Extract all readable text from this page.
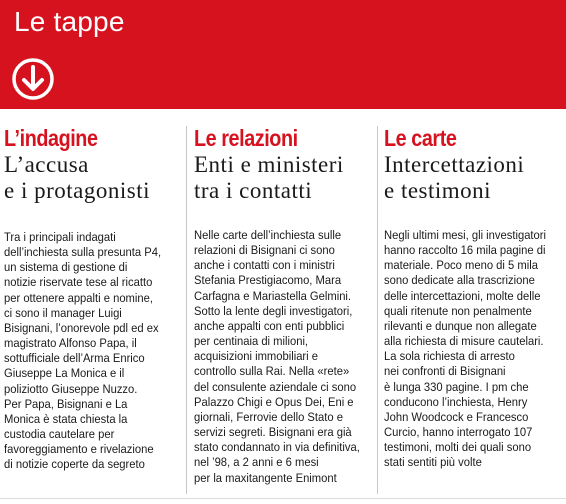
Le tappe
L’indagine
L’accusa
e i protagonisti

Tra i principali indagati
dell’inchiesta sulla presunta P4,
un sistema di gestione di
notizie riservate tese al ricatto
per ottenere appalti e nomine,
ci sono il manager Luigi
Bisignani, l’onorevole pdl ed ex
magistrato Alfonso Papa, il
sottufficiale dell’Arma Enrico
Giuseppe La Monica e il
poliziotto Giuseppe Nuzzo.
Per Papa, Bisignani e La
Monica è stata chiesta la
custodia cautelare per
favoreggiamento e rivelazione
di notizie coperte da segreto

Le relazioni
Enti e ministeri
tra i contatti

Nelle carte dell’inchiesta sulle
relazioni di Bisignani ci sono
anche i contatti con i ministri
Stefania Prestigiacomo, Mara
Carfagna e Mariastella Gelmini.
Sotto la lente degli investigatori,
anche appalti con enti pubblici
per centinaia di milioni,
acquisizioni immobiliari e
controllo sulla Rai. Nella «rete»
del consulente aziendale ci sono
Palazzo Chigi e Opus Dei, Eni e
giornali, Ferrovie dello Stato e
servizi segreti. Bisignani era già
stato condannato in via definitiva,
nel ’98, a 2 anni e 6 mesi
per la maxitangente Enimont

Le carte
Intercettazioni
e testimoni

Negli ultimi mesi, gli investigatori
hanno raccolto 16 mila pagine di
materiale. Poco meno di 5 mila
sono dedicate alla trascrizione
delle intercettazioni, molte delle
quali ritenute non penalmente
rilevanti e dunque non allegate
alla richiesta di misure cautelari.
La sola richiesta di arresto
nei confronti di Bisignani
è lunga 330 pagine. I pm che
conducono l’inchiesta, Henry
John Woodcock e Francesco
Curcio, hanno interrogato 107
testimoni, molti dei quali sono
stati sentiti più volte
